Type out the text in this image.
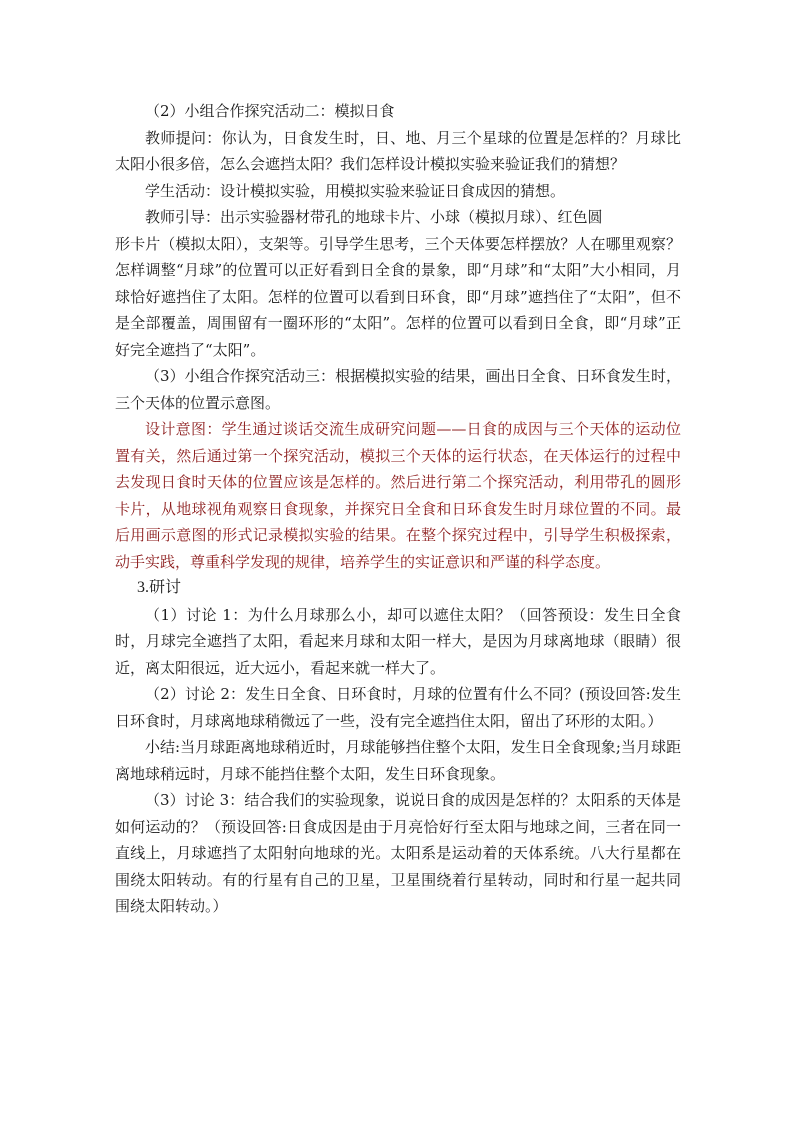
（2）小组合作探究活动二：模拟日食

教师提问：你认为，日食发生时，日、地、月三个星球的位置是怎样的？月球比太阳小很多倍，怎么会遮挡太阳？我们怎样设计模拟实验来验证我们的猜想？

学生活动：设计模拟实验，用模拟实验来验证日食成因的猜想。

教师引导：出示实验器材带孔的地球卡片、小球（模拟月球）、红色圆

形卡片（模拟太阳），支架等。引导学生思考，三个天体要怎样摆放？人在哪里观察？怎样调整“月球”的位置可以正好看到日全食的景象，即“月球”和“太阳”大小相同，月球恰好遮挡住了太阳。怎样的位置可以看到日环食，即“月球”遮挡住了“太阳”，但不是全部覆盖，周围留有一圈环形的“太阳”。怎样的位置可以看到日全食，即“月球”正好完全遮挡了“太阳”。

（3）小组合作探究活动三：根据模拟实验的结果，画出日全食、日环食发生时，三个天体的位置示意图。

设计意图：学生通过谈话交流生成研究问题——日食的成因与三个天体的运动位置有关，然后通过第一个探究活动，模拟三个天体的运行状态，在天体运行的过程中去发现日食时天体的位置应该是怎样的。然后进行第二个探究活动，利用带孔的圆形卡片，从地球视角观察日食现象，并探究日全食和日环食发生时月球位置的不同。最后用画示意图的形式记录模拟实验的结果。在整个探究过程中，引导学生积极探索，动手实践，尊重科学发现的规律，培养学生的实证意识和严谨的科学态度。

3.研讨

（1）讨论 1：为什么月球那么小，却可以遮住太阳？（回答预设：发生日全食时，月球完全遮挡了太阳，看起来月球和太阳一样大，是因为月球离地球（眼睛）很近，离太阳很远，近大远小，看起来就一样大了。

（2）讨论 2：发生日全食、日环食时，月球的位置有什么不同？(预设回答:发生日环食时，月球离地球稍微远了一些，没有完全遮挡住太阳，留出了环形的太阳。）

小结:当月球距离地球稍近时，月球能够挡住整个太阳，发生日全食现象;当月球距离地球稍远时，月球不能挡住整个太阳，发生日环食现象。

（3）讨论 3：结合我们的实验现象，说说日食的成因是怎样的？太阳系的天体是如何运动的？（预设回答:日食成因是由于月亮恰好行至太阳与地球之间，三者在同一直线上，月球遮挡了太阳射向地球的光。太阳系是运动着的天体系统。八大行星都在围绕太阳转动。有的行星有自己的卫星，卫星围绕着行星转动，同时和行星一起共同围绕太阳转动。）
